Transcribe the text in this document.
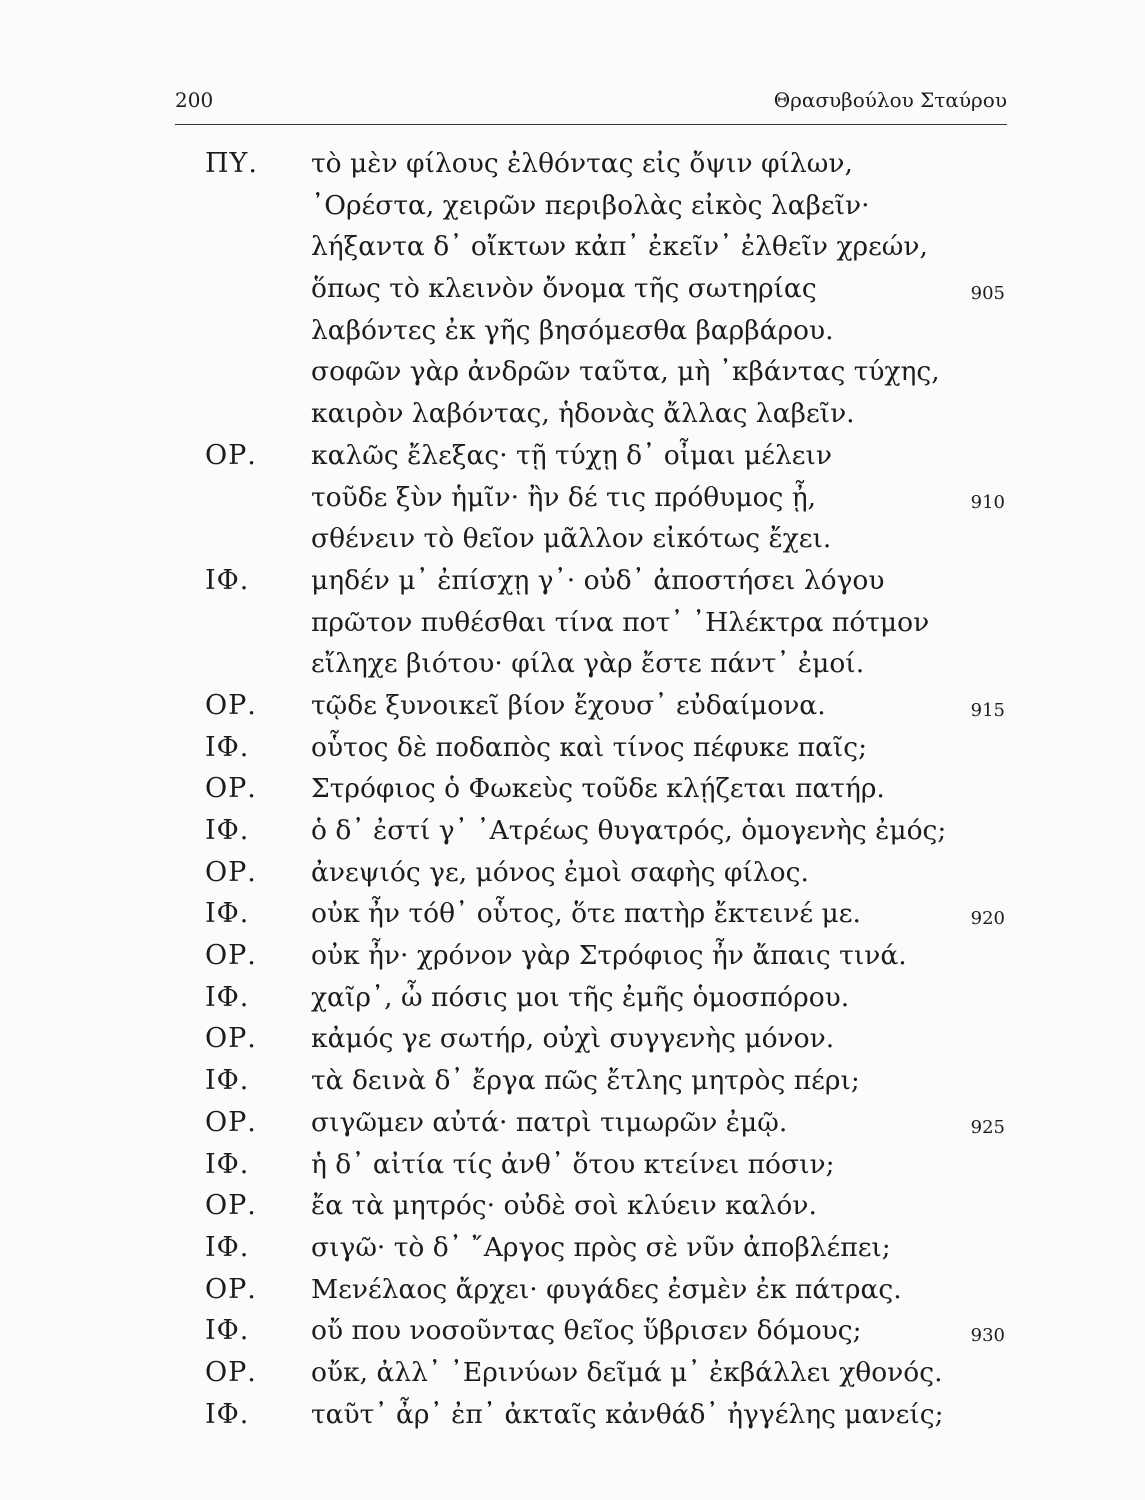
200	Θρασυβούλου Σταύρου
ΠΥ. τὸ μὲν φίλους ἐλθόντας εἰς ὄψιν φίλων,
᾿Ορέστα, χειρῶν περιβολὰς εἰκὸς λαβεῖν·
λήξαντα δ᾿ οἴκτων κἀπ᾿ ἐκεῖν᾿ ἐλθεῖν χρεών,
ὅπως τὸ κλεινὸν ὄνομα τῆς σωτηρίας	905
λαβόντες ἐκ γῆς βησόμεσθα βαρβάρου.
σοφῶν γὰρ ἀνδρῶν ταῦτα, μὴ ᾿κβάντας τύχης,
καιρὸν λαβόντας, ἡδονὰς ἄλλας λαβεῖν.
ΟΡ. καλῶς ἔλεξας· τῇ τύχῃ δ᾿ οἶμαι μέλειν
τοῦδε ξὺν ἡμῖν· ἢν δέ τις πρόθυμος ᾖ,	910
σθένειν τὸ θεῖον μᾶλλον εἰκότως ἔχει.
ΙΦ. μηδέν μ᾿ ἐπίσχῃ γ᾿· οὐδ᾿ ἀποστήσει λόγου
πρῶτον πυθέσθαι τίνα ποτ᾿ ᾿Ηλέκτρα πότμον
εἴληχε βιότου· φίλα γὰρ ἔστε πάντ᾿ ἐμοί.
ΟΡ. τῷδε ξυνοικεῖ βίον ἔχουσ᾿ εὐδαίμονα.	915
ΙΦ. οὗτος δὲ ποδαπὸς καὶ τίνος πέφυκε παῖς;
ΟΡ. Στρόφιος ὁ Φωκεὺς τοῦδε κλῄζεται πατήρ.
ΙΦ. ὁ δ᾿ ἐστί γ᾿ ᾿Ατρέως θυγατρός, ὁμογενὴς ἐμός;
ΟΡ. ἀνεψιός γε, μόνος ἐμοὶ σαφὴς φίλος.
ΙΦ. οὐκ ἦν τόθ᾿ οὗτος, ὅτε πατὴρ ἔκτεινέ με.	920
ΟΡ. οὐκ ἦν· χρόνον γὰρ Στρόφιος ἦν ἄπαις τινά.
ΙΦ. χαῖρ᾿, ὦ πόσις μοι τῆς ἐμῆς ὁμοσπόρου.
ΟΡ. κἀμός γε σωτήρ, οὐχὶ συγγενὴς μόνον.
ΙΦ. τὰ δεινὰ δ᾿ ἔργα πῶς ἔτλης μητρὸς πέρι;
ΟΡ. σιγῶμεν αὐτά· πατρὶ τιμωρῶν ἐμῷ.	925
ΙΦ. ἡ δ᾿ αἰτία τίς ἀνθ᾿ ὅτου κτείνει πόσιν;
ΟΡ. ἔα τὰ μητρός· οὐδὲ σοὶ κλύειν καλόν.
ΙΦ. σιγῶ· τὸ δ᾿ ῎Αργος πρὸς σὲ νῦν ἀποβλέπει;
ΟΡ. Μενέλαος ἄρχει· φυγάδες ἐσμὲν ἐκ πάτρας.
ΙΦ. οὔ που νοσοῦντας θεῖος ὕβρισεν δόμους;	930
ΟΡ. οὔκ, ἀλλ᾿ ᾿Ερινύων δεῖμά μ᾿ ἐκβάλλει χθονός.
ΙΦ. ταῦτ᾿ ἆρ᾿ ἐπ᾿ ἀκταῖς κἀνθάδ᾿ ἠγγέλης μανείς;
